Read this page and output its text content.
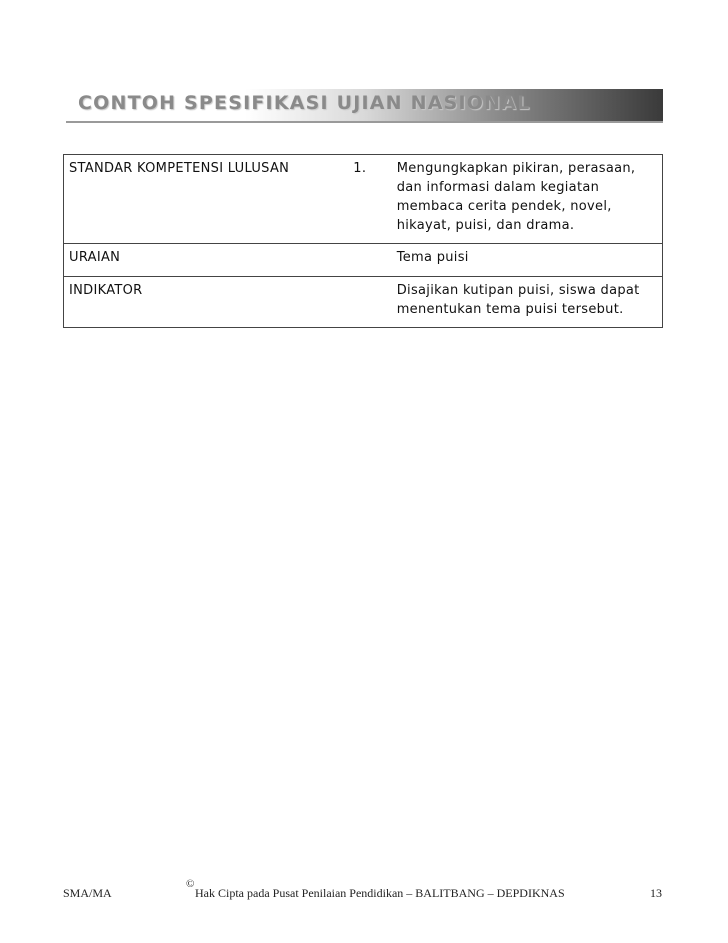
CONTOH SPESIFIKASI UJIAN NASIONAL
STANDAR KOMPETENSI LULUSAN	1.	Mengungkapkan pikiran, perasaan, dan informasi dalam kegiatan membaca cerita pendek, novel, hikayat, puisi, dan drama.
URAIAN		Tema puisi
INDIKATOR		Disajikan kutipan puisi, siswa dapat menentukan tema puisi tersebut.
SMA/MA
©
Hak Cipta pada Pusat Penilaian Pendidikan – BALITBANG – DEPDIKNAS	13
